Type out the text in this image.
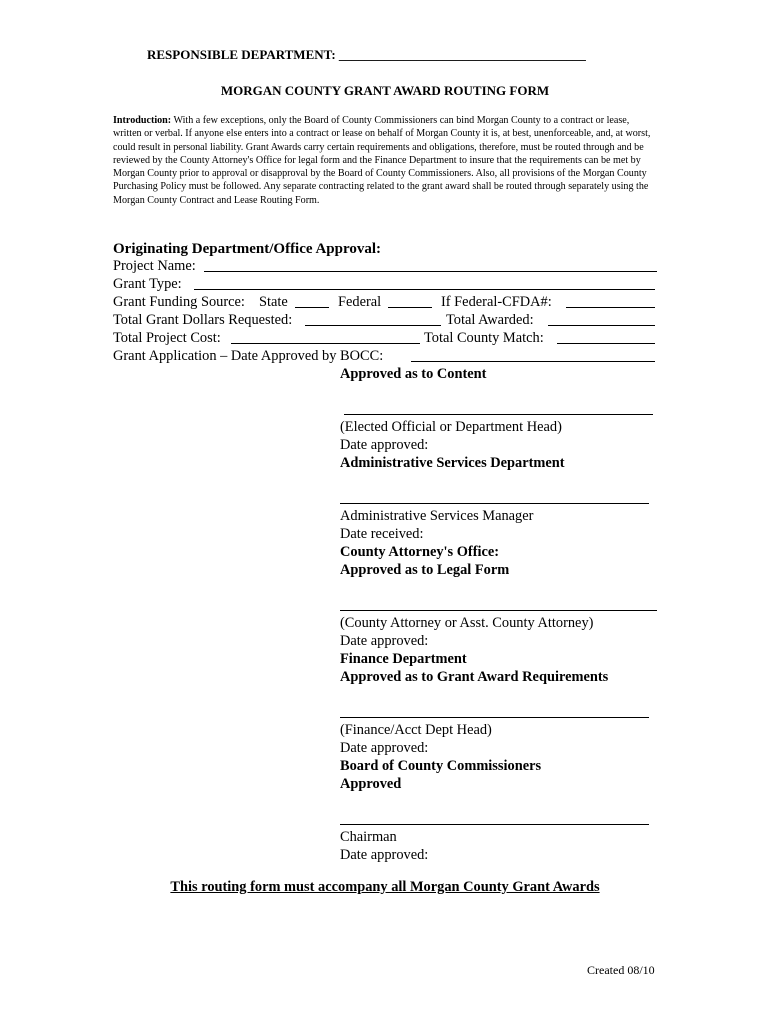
RESPONSIBLE DEPARTMENT: ______________________________________
MORGAN COUNTY GRANT AWARD ROUTING FORM
Introduction: With a few exceptions, only the Board of County Commissioners can bind Morgan County to a contract or lease, written or verbal. If anyone else enters into a contract or lease on behalf of Morgan County it is, at best, unenforceable, and, at worst, could result in personal liability. Grant Awards carry certain requirements and obligations, therefore, must be routed through and be reviewed by the County Attorney's Office for legal form and the Finance Department to insure that the requirements can be met by Morgan County prior to approval or disapproval by the Board of County Commissioners. Also, all provisions of the Morgan County Purchasing Policy must be followed. Any separate contracting related to the grant award shall be routed through separately using the Morgan County Contract and Lease Routing Form.
Originating Department/Office Approval:
Project Name:
Grant Type:
Grant Funding Source: State	Federal	If Federal-CFDA#:
Total Grant Dollars Requested:	Total Awarded:
Total Project Cost:	Total County Match:
Grant Application – Date Approved by BOCC:
Approved as to Content
(Elected Official or Department Head)
Date approved:
Administrative Services Department
Administrative Services Manager
Date received:
County Attorney's Office:
Approved as to Legal Form
(County Attorney or Asst. County Attorney)
Date approved:
Finance Department
Approved as to Grant Award Requirements
(Finance/Acct Dept Head)
Date approved:
Board of County Commissioners
Approved
Chairman
Date approved:
This routing form must accompany all Morgan County Grant Awards
Created 08/10
